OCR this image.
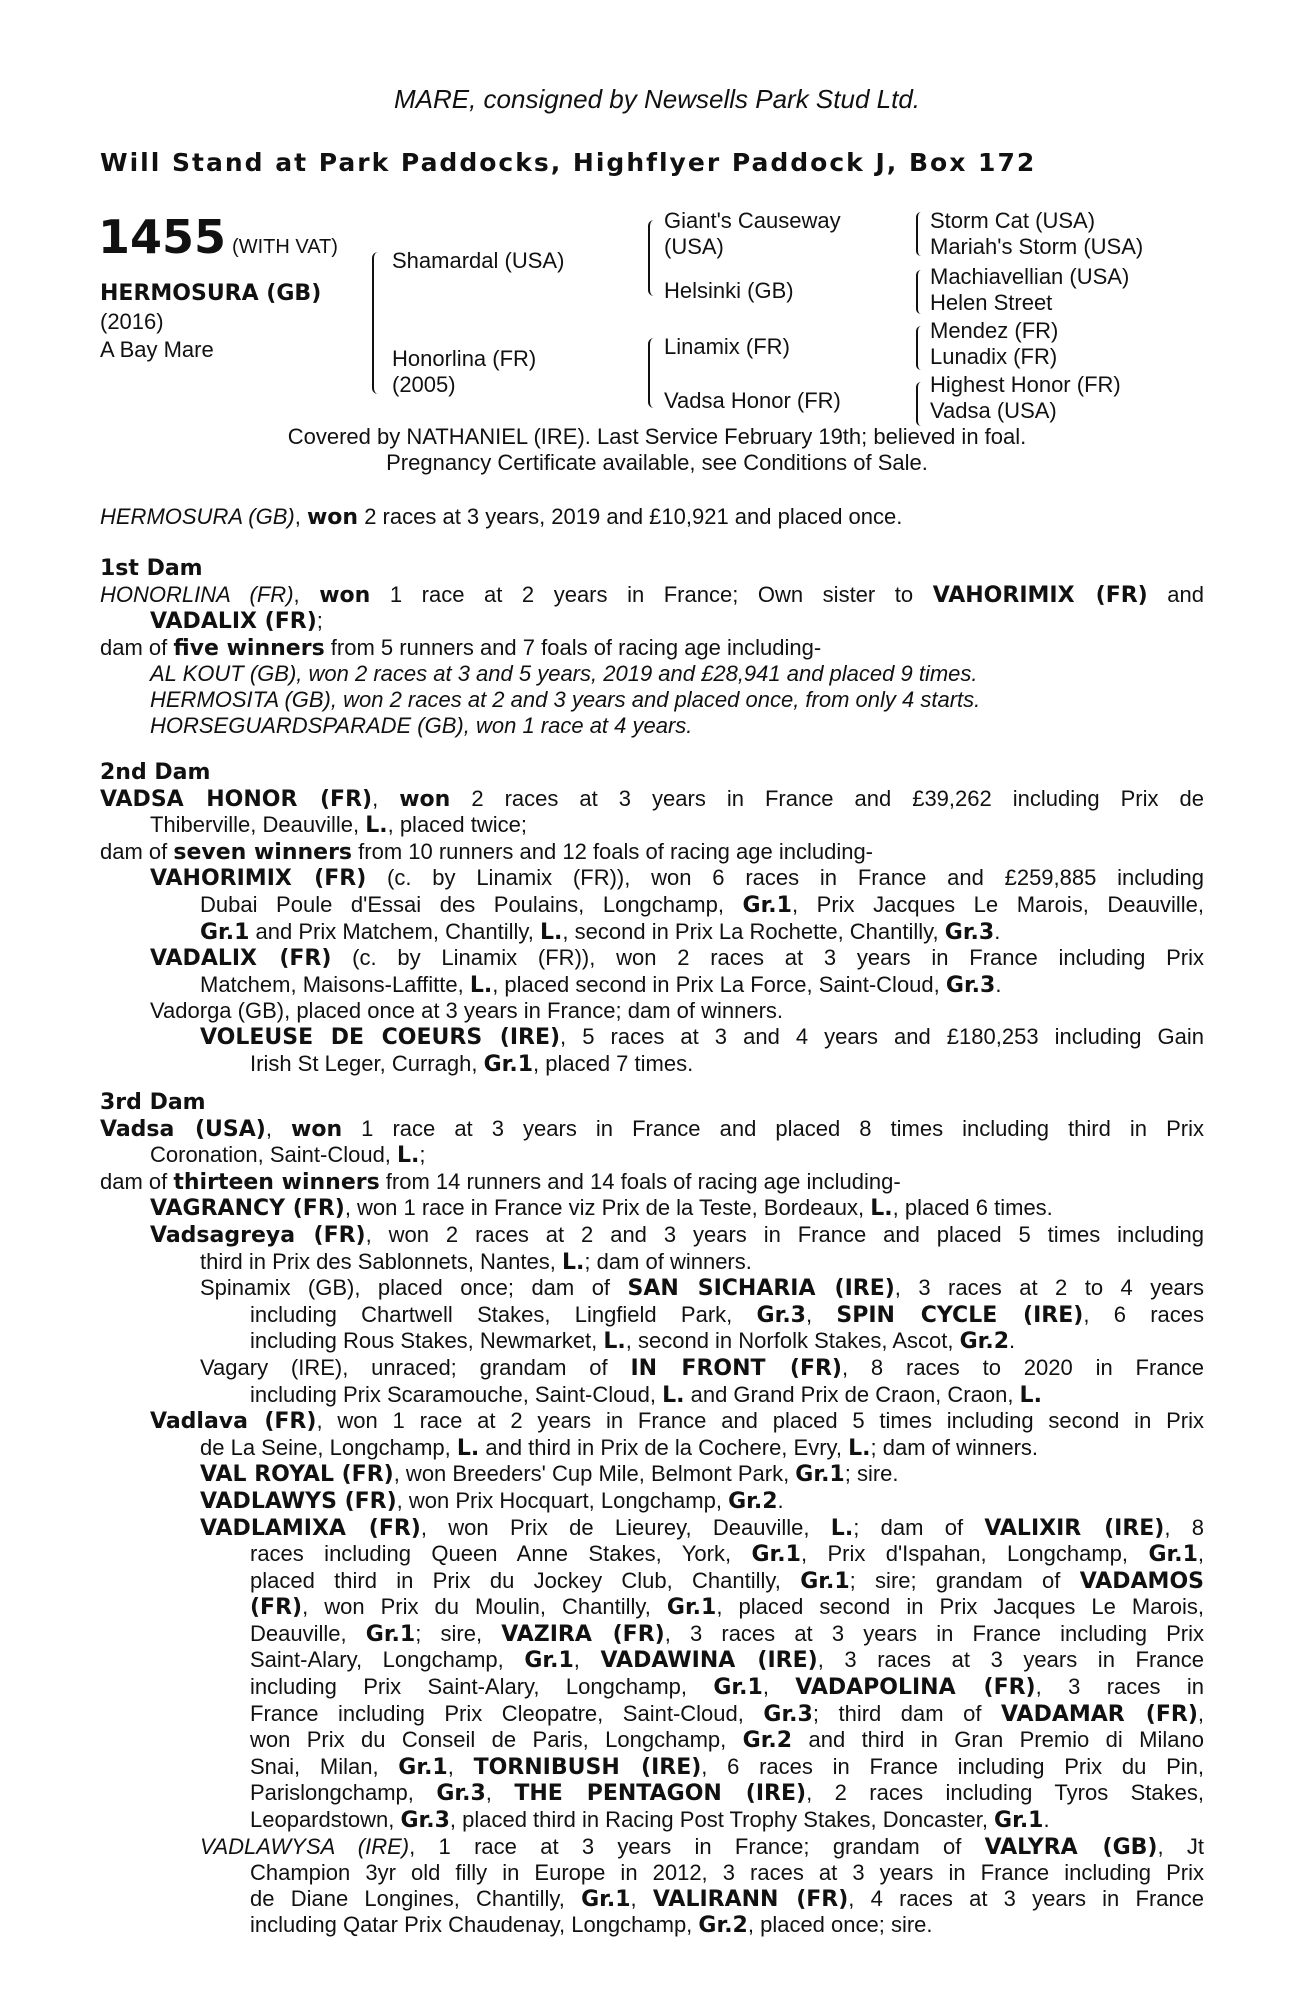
MARE, consigned by Newsells Park Stud Ltd.
Will Stand at Park Paddocks, Highflyer Paddock J, Box 172
1455 (WITH VAT)
HERMOSURA (GB)
(2016)
A Bay Mare
Shamardal (USA)
Honorlina (FR)
(2005)
Giant's Causeway
(USA)
Helsinki (GB)
Linamix (FR)
Vadsa Honor (FR)
Storm Cat (USA)
Mariah's Storm (USA)
Machiavellian (USA)
Helen Street
Mendez (FR)
Lunadix (FR)
Highest Honor (FR)
Vadsa (USA)
Covered by NATHANIEL (IRE). Last Service February 19th; believed in foal.
Pregnancy Certificate available, see Conditions of Sale.
HERMOSURA (GB), won 2 races at 3 years, 2019 and £10,921 and placed once.
1st Dam
HONORLINA (FR), won 1 race at 2 years in France; Own sister to VAHORIMIX (FR) and
VADALIX (FR);
dam of five winners from 5 runners and 7 foals of racing age including-
AL KOUT (GB), won 2 races at 3 and 5 years, 2019 and £28,941 and placed 9 times.
HERMOSITA (GB), won 2 races at 2 and 3 years and placed once, from only 4 starts.
HORSEGUARDSPARADE (GB), won 1 race at 4 years.
2nd Dam
VADSA HONOR (FR), won 2 races at 3 years in France and £39,262 including Prix de
Thiberville, Deauville, L., placed twice;
dam of seven winners from 10 runners and 12 foals of racing age including-
VAHORIMIX (FR) (c. by Linamix (FR)), won 6 races in France and £259,885 including
Dubai Poule d'Essai des Poulains, Longchamp, Gr.1, Prix Jacques Le Marois, Deauville,
Gr.1 and Prix Matchem, Chantilly, L., second in Prix La Rochette, Chantilly, Gr.3.
VADALIX (FR) (c. by Linamix (FR)), won 2 races at 3 years in France including Prix
Matchem, Maisons-Laffitte, L., placed second in Prix La Force, Saint-Cloud, Gr.3.
Vadorga (GB), placed once at 3 years in France; dam of winners.
VOLEUSE DE COEURS (IRE), 5 races at 3 and 4 years and £180,253 including Gain
Irish St Leger, Curragh, Gr.1, placed 7 times.
3rd Dam
Vadsa (USA), won 1 race at 3 years in France and placed 8 times including third in Prix
Coronation, Saint-Cloud, L.;
dam of thirteen winners from 14 runners and 14 foals of racing age including-
VAGRANCY (FR), won 1 race in France viz Prix de la Teste, Bordeaux, L., placed 6 times.
Vadsagreya (FR), won 2 races at 2 and 3 years in France and placed 5 times including
third in Prix des Sablonnets, Nantes, L.; dam of winners.
Spinamix (GB), placed once; dam of SAN SICHARIA (IRE), 3 races at 2 to 4 years
including Chartwell Stakes, Lingfield Park, Gr.3, SPIN CYCLE (IRE), 6 races
including Rous Stakes, Newmarket, L., second in Norfolk Stakes, Ascot, Gr.2.
Vagary (IRE), unraced; grandam of IN FRONT (FR), 8 races to 2020 in France
including Prix Scaramouche, Saint-Cloud, L. and Grand Prix de Craon, Craon, L.
Vadlava (FR), won 1 race at 2 years in France and placed 5 times including second in Prix
de La Seine, Longchamp, L. and third in Prix de la Cochere, Evry, L.; dam of winners.
VAL ROYAL (FR), won Breeders' Cup Mile, Belmont Park, Gr.1; sire.
VADLAWYS (FR), won Prix Hocquart, Longchamp, Gr.2.
VADLAMIXA (FR), won Prix de Lieurey, Deauville, L.; dam of VALIXIR (IRE), 8
races including Queen Anne Stakes, York, Gr.1, Prix d'Ispahan, Longchamp, Gr.1,
placed third in Prix du Jockey Club, Chantilly, Gr.1; sire; grandam of VADAMOS
(FR), won Prix du Moulin, Chantilly, Gr.1, placed second in Prix Jacques Le Marois,
Deauville, Gr.1; sire, VAZIRA (FR), 3 races at 3 years in France including Prix
Saint-Alary, Longchamp, Gr.1, VADAWINA (IRE), 3 races at 3 years in France
including Prix Saint-Alary, Longchamp, Gr.1, VADAPOLINA (FR), 3 races in
France including Prix Cleopatre, Saint-Cloud, Gr.3; third dam of VADAMAR (FR),
won Prix du Conseil de Paris, Longchamp, Gr.2 and third in Gran Premio di Milano
Snai, Milan, Gr.1, TORNIBUSH (IRE), 6 races in France including Prix du Pin,
Parislongchamp, Gr.3, THE PENTAGON (IRE), 2 races including Tyros Stakes,
Leopardstown, Gr.3, placed third in Racing Post Trophy Stakes, Doncaster, Gr.1.
VADLAWYSA (IRE), 1 race at 3 years in France; grandam of VALYRA (GB), Jt
Champion 3yr old filly in Europe in 2012, 3 races at 3 years in France including Prix
de Diane Longines, Chantilly, Gr.1, VALIRANN (FR), 4 races at 3 years in France
including Qatar Prix Chaudenay, Longchamp, Gr.2, placed once; sire.
